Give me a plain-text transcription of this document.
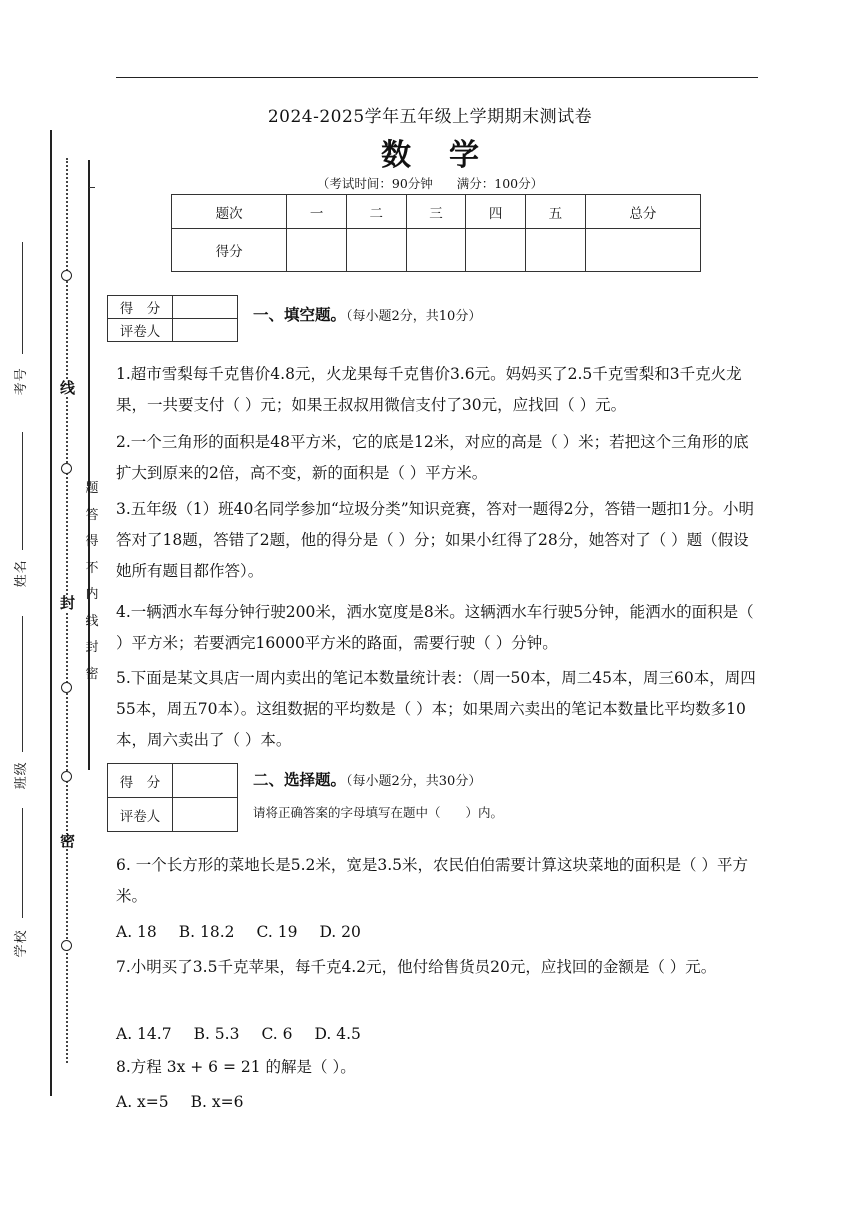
2024-2025学年五年级上学期期末测试卷
数学
（考试时间：90分钟 满分：100分）
题次	一	二	三	四	五	总分
得分						
得　分	
评卷人	
一、填空题。（每小题2分，共10分）
1.超市雪梨每千克售价4.8元，火龙果每千克售价3.6元。妈妈买了2.5千克雪梨和3千克火龙果，一共要支付（ ）元；如果王叔叔用微信支付了30元，应找回（ ）元。
2.一个三角形的面积是48平方米，它的底是12米，对应的高是（ ）米；若把这个三角形的底扩大到原来的2倍，高不变，新的面积是（ ）平方米。
3.五年级（1）班40名同学参加“垃圾分类”知识竞赛，答对一题得2分，答错一题扣1分。小明答对了18题，答错了2题，他的得分是（ ）分；如果小红得了28分，她答对了（ ）题（假设她所有题目都作答）。
4.一辆洒水车每分钟行驶200米，洒水宽度是8米。这辆洒水车行驶5分钟，能洒水的面积是（ ）平方米；若要洒完16000平方米的路面，需要行驶（ ）分钟。
5.下面是某文具店一周内卖出的笔记本数量统计表：（周一50本，周二45本，周三60本，周四55本，周五70本）。这组数据的平均数是（ ）本；如果周六卖出的笔记本数量比平均数多10本，周六卖出了（ ）本。
得　分	
评卷人	
二、选择题。（每小题2分，共30分）
请将正确答案的字母填写在题中（　　）内。
6. 一个长方形的菜地长是5.2米，宽是3.5米，农民伯伯需要计算这块菜地的面积是（ ）平方米。
A. 18 B. 18.2 C. 19 D. 20
7.小明买了3.5千克苹果，每千克4.2元，他付给售货员20元，应找回的金额是（ ）元。
A. 14.7 B. 5.3 C. 6 D. 4.5
8.方程 3x + 6 = 21 的解是（ ）。
A. x=5 B. x=6
线
封
密
号
考
名
姓
级
班
校
学
题
答
得
不
内
线
封
密
